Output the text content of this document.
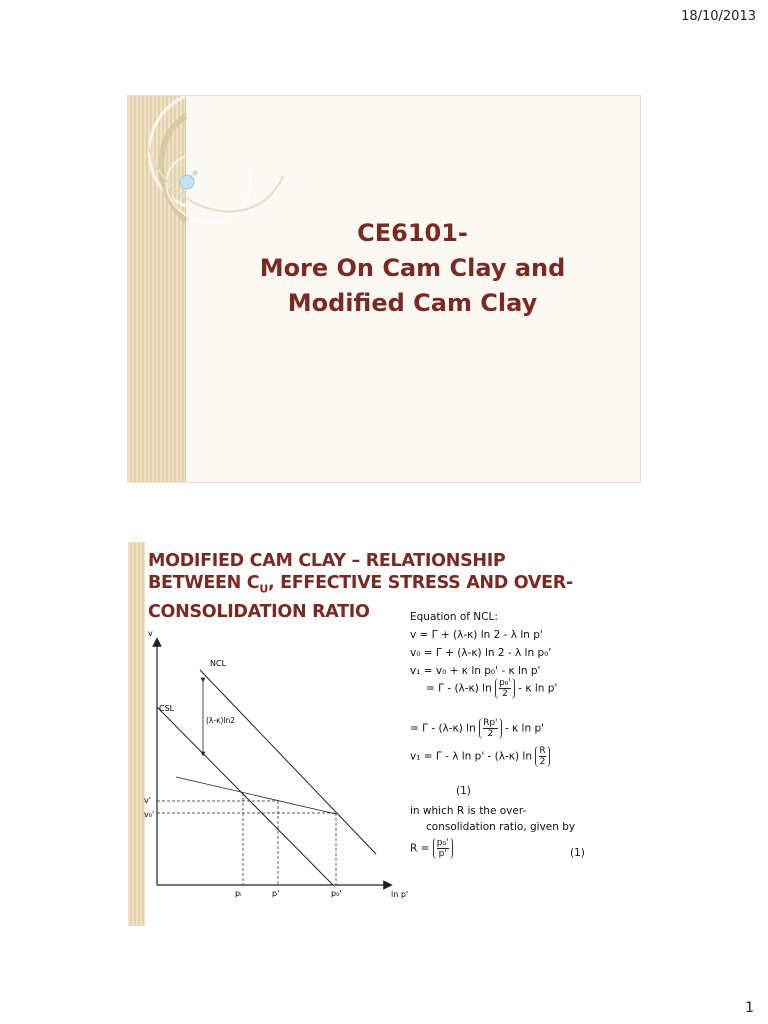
18/10/2013
CE6101-
More On Cam Clay and
Modified Cam Clay
MODIFIED CAM CLAY – RELATIONSHIP
BETWEEN $C_U$, EFFECTIVE STRESS AND OVER-
CONSOLIDATION RATIO
v
ln p'
NCL
CSL
(λ-κ)ln2
v'
v₀'
pᵢ	p'	p₀'
Equation of NCL:
v = Γ + (λ-κ) ln 2 - λ ln p'
v₀ = Γ + (λ-κ) ln 2 - λ ln p₀'
v₁ = v₀ + κ ln p₀' - κ ln p'
= Γ - (λ-κ) $\ln \frac{\text{p₀'}}{2}$ - κ ln p'
= Γ - (λ-κ) $\ln \frac{Rp'}{2}$ - κ ln p'
v₁ = Γ - λ ln p' - (λ-κ) $\ln \frac{R}{2}$
(1)
in which R is the over-
consolidation ratio, given by
$R = \frac{\text{p₀'}}{p'}$	(1)
1
